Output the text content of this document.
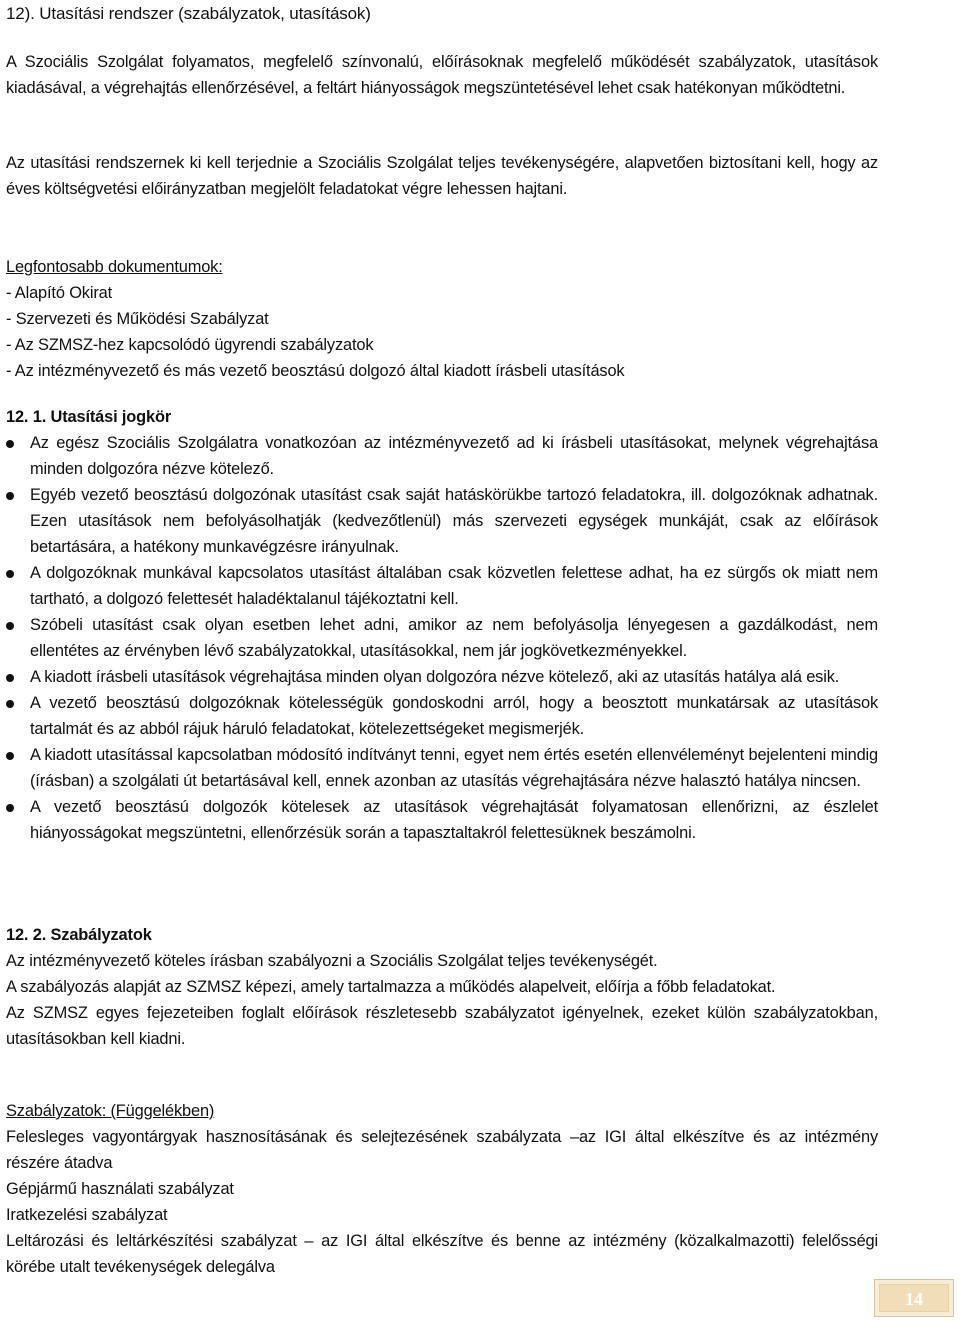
12). Utasítási rendszer (szabályzatok, utasítások)

A Szociális Szolgálat folyamatos, megfelelő színvonalú, előírásoknak megfelelő működését szabályzatok, utasítások kiadásával, a végrehajtás ellenőrzésével, a feltárt hiányosságok megszüntetésével lehet csak hatékonyan működtetni.

Az utasítási rendszernek ki kell terjednie a Szociális Szolgálat teljes tevékenységére, alapvetően biztosítani kell, hogy az éves költségvetési előirányzatban megjelölt feladatokat végre lehessen hajtani.

Legfontosabb dokumentumok:
- Alapító Okirat
- Szervezeti és Működési Szabályzat
- Az SZMSZ-hez kapcsolódó ügyrendi szabályzatok
- Az intézményvezető és más vezető beosztású dolgozó által kiadott írásbeli utasítások
12. 1. Utasítási jogkör
Az egész Szociális Szolgálatra vonatkozóan az intézményvezető ad ki írásbeli utasításokat, melynek végrehajtása minden dolgozóra nézve kötelező.
Egyéb vezető beosztású dolgozónak utasítást csak saját hatáskörükbe tartozó feladatokra, ill. dolgozóknak adhatnak. Ezen utasítások nem befolyásolhatják (kedvezőtlenül) más szervezeti egységek munkáját, csak az előírások betartására, a hatékony munkavégzésre irányulnak.
A dolgozóknak munkával kapcsolatos utasítást általában csak közvetlen felettese adhat, ha ez sürgős ok miatt nem tartható, a dolgozó felettesét haladéktalanul tájékoztatni kell.
Szóbeli utasítást csak olyan esetben lehet adni, amikor az nem befolyásolja lényegesen a gazdálkodást, nem ellentétes az érvényben lévő szabályzatokkal, utasításokkal, nem jár jogkövetkezményekkel.
A kiadott írásbeli utasítások végrehajtása minden olyan dolgozóra nézve kötelező, aki az utasítás hatálya alá esik.
A vezető beosztású dolgozóknak kötelességük gondoskodni arról, hogy a beosztott munkatársak az utasítások tartalmát és az abból rájuk háruló feladatokat, kötelezettségeket megismerjék.
A kiadott utasítással kapcsolatban módosító indítványt tenni, egyet nem értés esetén ellenvéleményt bejelenteni mindig (írásban) a szolgálati út betartásával kell, ennek azonban az utasítás végrehajtására nézve halasztó hatálya nincsen.
A vezető beosztású dolgozók kötelesek az utasítások végrehajtását folyamatosan ellenőrizni, az észlelet hiányosságokat megszüntetni, ellenőrzésük során a tapasztaltakról felettesüknek beszámolni.
12. 2. Szabályzatok
Az intézményvezető köteles írásban szabályozni a Szociális Szolgálat teljes tevékenységét.
A szabályozás alapját az SZMSZ képezi, amely tartalmazza a működés alapelveit, előírja a főbb feladatokat.
Az SZMSZ egyes fejezeteiben foglalt előírások részletesebb szabályzatot igényelnek, ezeket külön szabályzatokban, utasításokban kell kiadni.
Szabályzatok: (Függelékben)
Felesleges vagyontárgyak hasznosításának és selejtezésének szabályzata –az IGI által elkészítve és az intézmény részére átadva
Gépjármű használati szabályzat
Iratkezelési szabályzat
Leltározási és leltárkészítési szabályzat – az IGI által elkészítve és benne az intézmény (közalkalmazotti) felelősségi körébe utalt tevékenységek delegálva
14
